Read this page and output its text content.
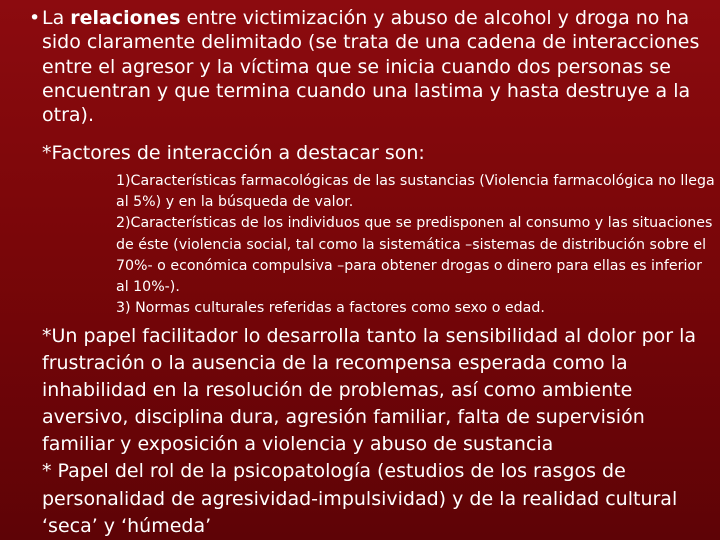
• La relaciones entre victimización y abuso de alcohol y droga no ha sido claramente delimitado (se trata de una cadena de interacciones entre el agresor y la víctima que se inicia cuando dos personas se encuentran y que termina cuando una lastima y hasta destruye a la otra).

*Factores de interacción a destacar son:

1)Características farmacológicas de las sustancias (Violencia farmacológica no llega al 5%) y en la búsqueda de valor.
2)Características de los individuos que se predisponen al consumo y las situaciones de éste (violencia social, tal como la sistemática –sistemas de distribución sobre el 70%- o económica compulsiva –para obtener drogas o dinero para ellas es inferior al 10%-).
3) Normas culturales referidas a factores como sexo o edad.

*Un papel facilitador lo desarrolla tanto la sensibilidad al dolor por la frustración o la ausencia de la recompensa esperada como la inhabilidad en la resolución de problemas, así como ambiente aversivo, disciplina dura, agresión familiar, falta de supervisión familiar y exposición a violencia y abuso de sustancia

* Papel del rol de la psicopatología (estudios de los rasgos de personalidad de agresividad-impulsividad) y de la realidad cultural ‘seca’ y ‘húmeda’
